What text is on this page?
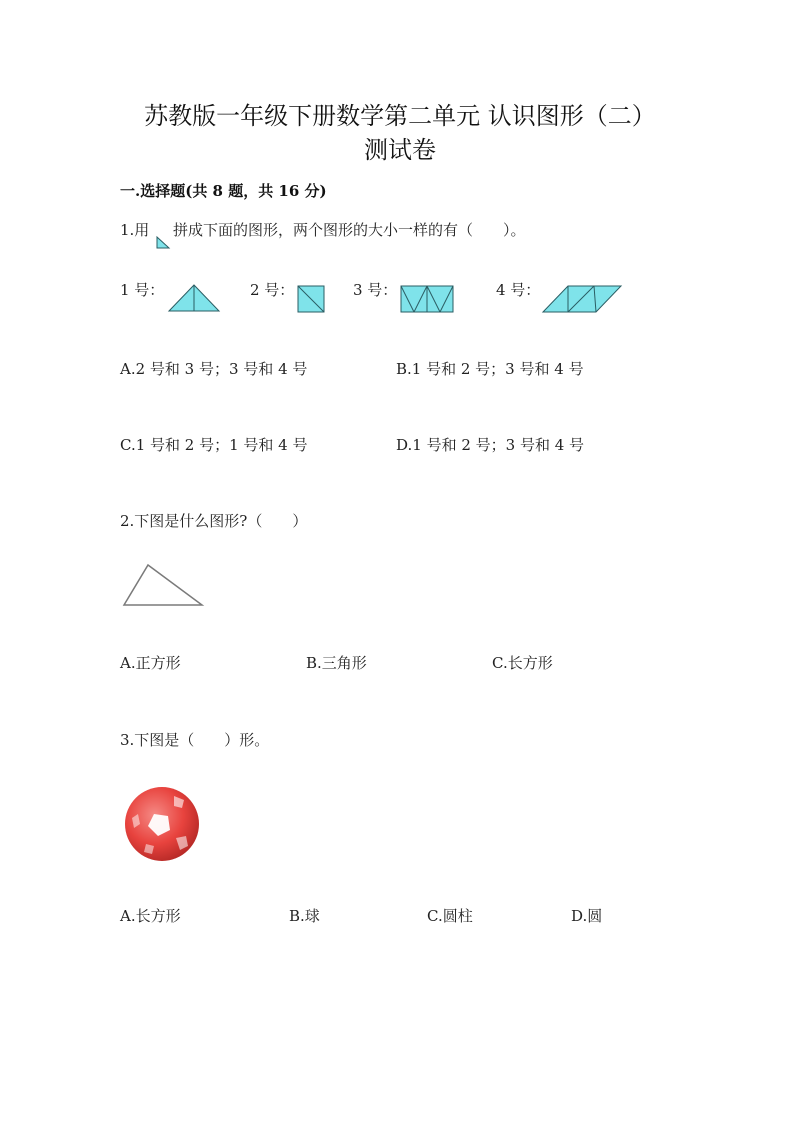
苏教版一年级下册数学第二单元 认识图形（二）
测试卷
一.选择题(共 8 题，共 16 分)
1.用 拼成下面的图形，两个图形的大小一样的有（　　）。
1 号：	2 号：	3 号：	4 号：
A.2 号和 3 号；3 号和 4 号	B.1 号和 2 号；3 号和 4 号
C.1 号和 2 号；1 号和 4 号	D.1 号和 2 号；3 号和 4 号
2.下图是什么图形?（　　）
A.正方形	B.三角形	C.长方形
3.下图是（　　）形。
A.长方形	B.球	C.圆柱	D.圆
